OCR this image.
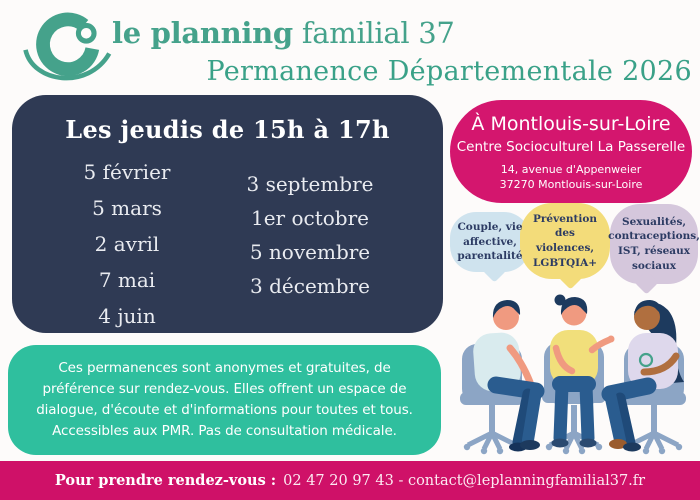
le planning familial 37
Permanence Départementale 2026
Les jeudis de 15h à 17h
5 février
5 mars
2 avril
7 mai
4 juin
3 septembre
1er octobre
5 novembre
3 décembre

Ces permanences sont anonymes et gratuites, de préférence sur rendez-vous. Elles offrent un espace de dialogue, d'écoute et d'informations pour toutes et tous. Accessibles aux PMR. Pas de consultation médicale.

À Montlouis-sur-Loire
Centre Socioculturel La Passerelle
14, avenue d'Appenweier
37270 Montlouis-sur-Loire
Couple, vie affective, parentalité
Prévention des violences, LGBTQIA+
Sexualités, contraceptions, IST, réseaux sociaux
Pour prendre rendez-vous : 02 47 20 97 43 - contact@leplanningfamilial37.fr
